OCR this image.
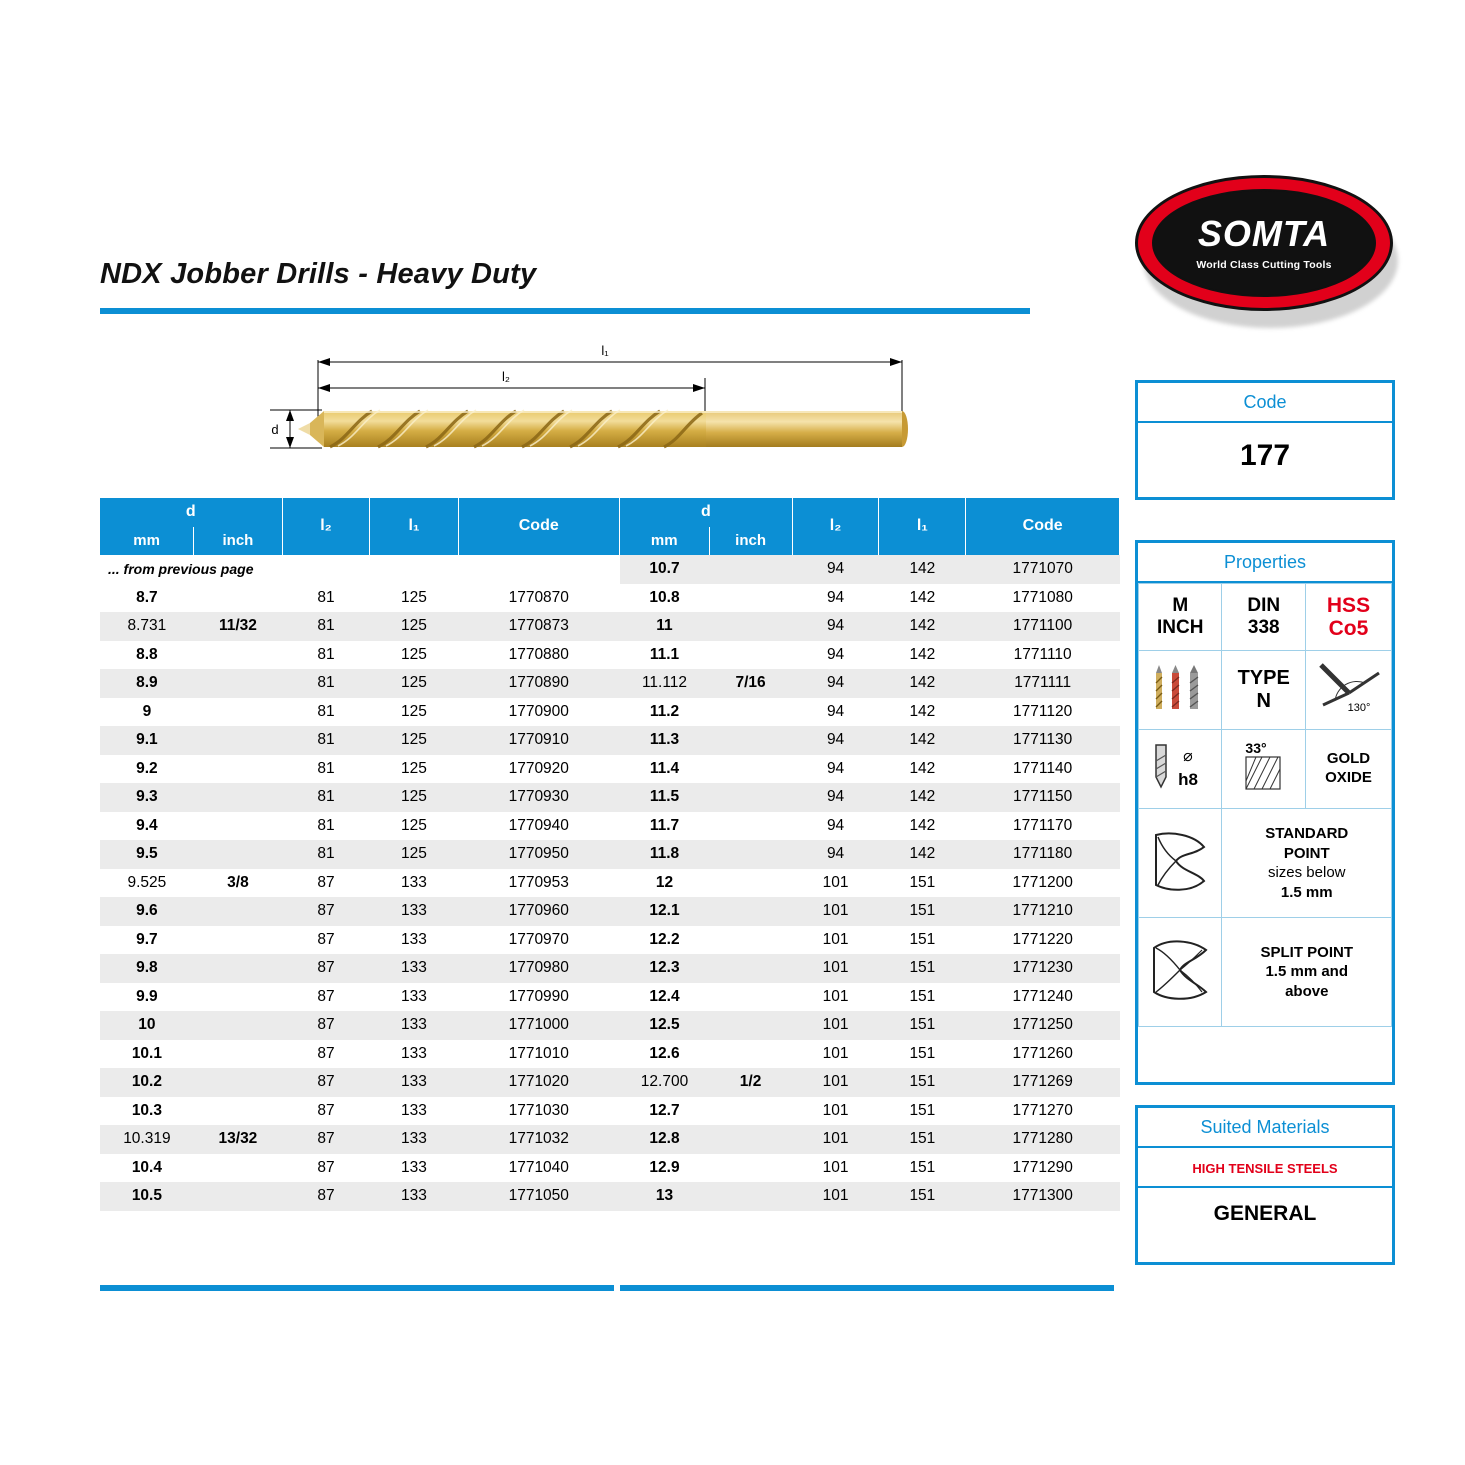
NDX Jobber Drills - Heavy Duty
SOMTA
World Class Cutting Tools
l₁
l₂
d
d		l₂	l₁	Code
mm	inch			
... from previous page				
8.7		81	125	1770870
8.731	11/32	81	125	1770873
8.8		81	125	1770880
8.9		81	125	1770890
9		81	125	1770900
9.1		81	125	1770910
9.2		81	125	1770920
9.3		81	125	1770930
9.4		81	125	1770940
9.5		81	125	1770950
9.525	3/8	87	133	1770953
9.6		87	133	1770960
9.7		87	133	1770970
9.8		87	133	1770980
9.9		87	133	1770990
10		87	133	1771000
10.1		87	133	1771010
10.2		87	133	1771020
10.3		87	133	1771030
10.319	13/32	87	133	1771032
10.4		87	133	1771040
10.5		87	133	1771050
d		l₂	l₁	Code
mm	inch			
10.7		94	142	1771070
10.8		94	142	1771080
11		94	142	1771100
11.1		94	142	1771110
11.112	7/16	94	142	1771111
11.2		94	142	1771120
11.3		94	142	1771130
11.4		94	142	1771140
11.5		94	142	1771150
11.7		94	142	1771170
11.8		94	142	1771180
12		101	151	1771200
12.1		101	151	1771210
12.2		101	151	1771220
12.3		101	151	1771230
12.4		101	151	1771240
12.5		101	151	1771250
12.6		101	151	1771260
12.700	1/2	101	151	1771269
12.7		101	151	1771270
12.8		101	151	1771280
12.9		101	151	1771290
13		101	151	1771300
Code
177
Properties
M
INCH

DIN
338

HSS
Co5

TYPE
N	130°

⌀
h8

33°

GOLD
OXIDE

STANDARD
POINT
sizes below
1.5 mm	

SPLIT POINT
1.5 mm and
above	
Suited Materials
HIGH TENSILE STEELS
GENERAL
